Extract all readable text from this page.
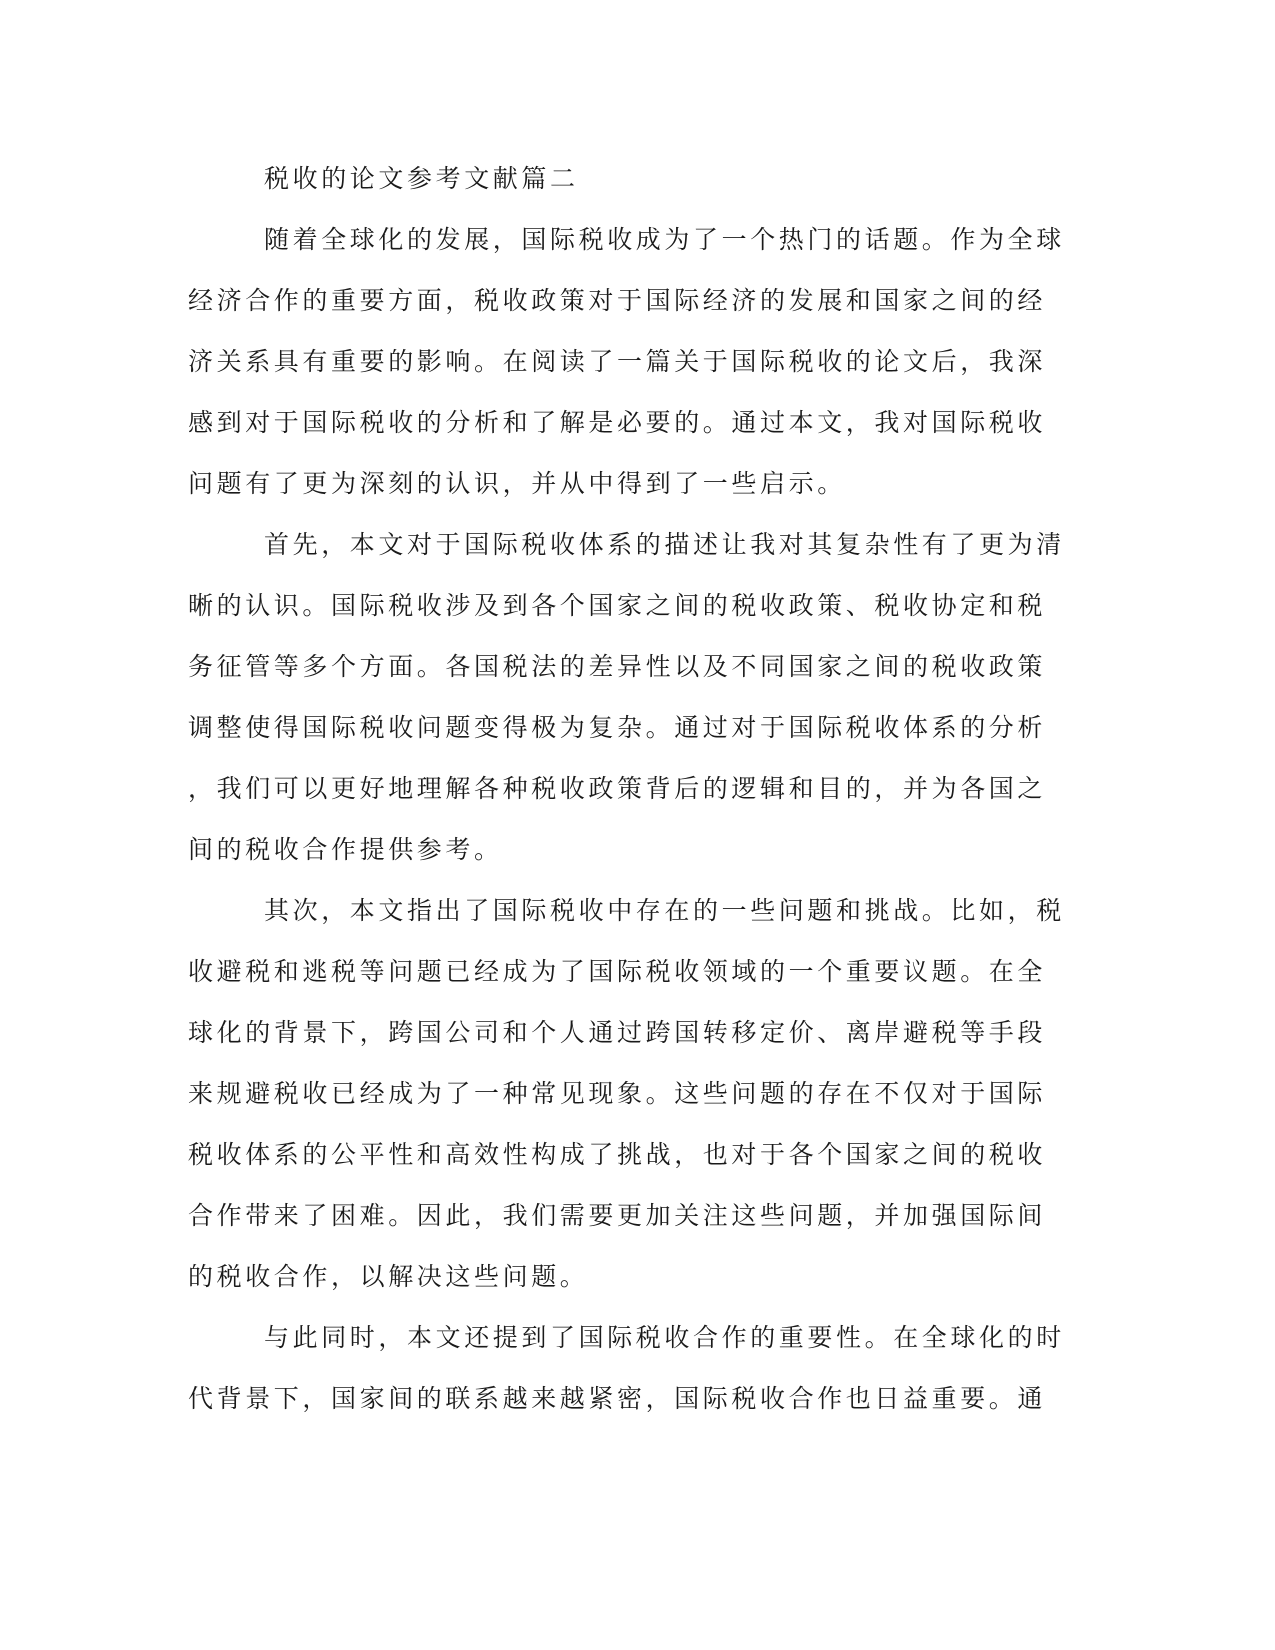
税收的论文参考文献篇二
随着全球化的发展，国际税收成为了一个热门的话题。作为全球
经济合作的重要方面，税收政策对于国际经济的发展和国家之间的经
济关系具有重要的影响。在阅读了一篇关于国际税收的论文后，我深
感到对于国际税收的分析和了解是必要的。通过本文，我对国际税收
问题有了更为深刻的认识，并从中得到了一些启示。
首先，本文对于国际税收体系的描述让我对其复杂性有了更为清
晰的认识。国际税收涉及到各个国家之间的税收政策、税收协定和税
务征管等多个方面。各国税法的差异性以及不同国家之间的税收政策
调整使得国际税收问题变得极为复杂。通过对于国际税收体系的分析
，我们可以更好地理解各种税收政策背后的逻辑和目的，并为各国之
间的税收合作提供参考。
其次，本文指出了国际税收中存在的一些问题和挑战。比如，税
收避税和逃税等问题已经成为了国际税收领域的一个重要议题。在全
球化的背景下，跨国公司和个人通过跨国转移定价、离岸避税等手段
来规避税收已经成为了一种常见现象。这些问题的存在不仅对于国际
税收体系的公平性和高效性构成了挑战，也对于各个国家之间的税收
合作带来了困难。因此，我们需要更加关注这些问题，并加强国际间
的税收合作，以解决这些问题。
与此同时，本文还提到了国际税收合作的重要性。在全球化的时
代背景下，国家间的联系越来越紧密，国际税收合作也日益重要。通
